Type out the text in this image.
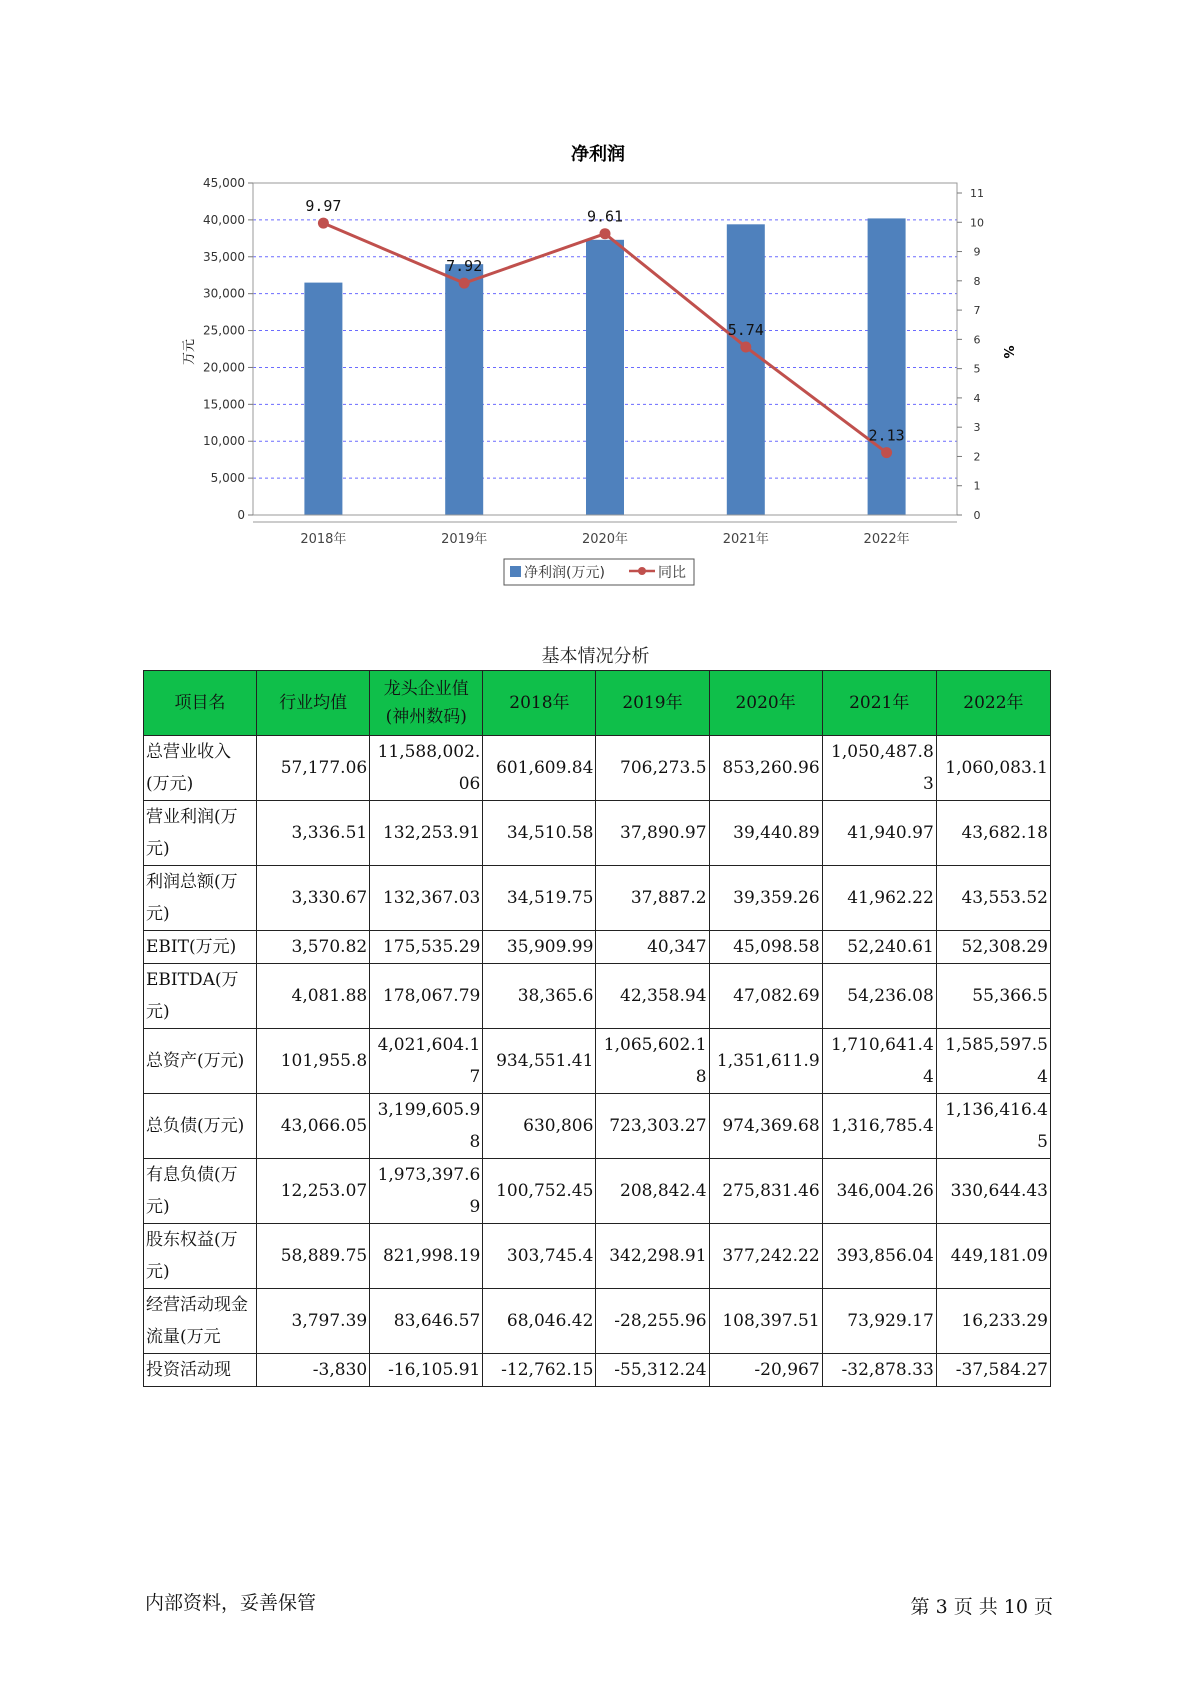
净利润
9.97
7.92
9.61
5.74
2.13
0
5,000
10,000
15,000
20,000
25,000
30,000
35,000
40,000
45,000
0
1
2
3
4
5
6
7
8
9
10
11
2018年	2019年	2020年	2021年	2022年
万元	%
净利润(万元)	同比
基本情况分析
项目名	行业均值	龙头企业值(神州数码)	2018年	2019年	2020年	2021年	2022年
总营业收入(万元)	57,177.06	11,588,002.06	601,609.84	706,273.5	853,260.96	1,050,487.83	1,060,083.1
营业利润(万元)	3,336.51	132,253.91	34,510.58	37,890.97	39,440.89	41,940.97	43,682.18
利润总额(万元)	3,330.67	132,367.03	34,519.75	37,887.2	39,359.26	41,962.22	43,553.52
EBIT(万元)	3,570.82	175,535.29	35,909.99	40,347	45,098.58	52,240.61	52,308.29
EBITDA(万元)	4,081.88	178,067.79	38,365.6	42,358.94	47,082.69	54,236.08	55,366.5
总资产(万元)	101,955.8	4,021,604.17	934,551.41	1,065,602.18	1,351,611.9	1,710,641.44	1,585,597.54
总负债(万元)	43,066.05	3,199,605.98	630,806	723,303.27	974,369.68	1,316,785.4	1,136,416.45
有息负债(万元)	12,253.07	1,973,397.69	100,752.45	208,842.4	275,831.46	346,004.26	330,644.43
股东权益(万元)	58,889.75	821,998.19	303,745.4	342,298.91	377,242.22	393,856.04	449,181.09
经营活动现金流量(万元	3,797.39	83,646.57	68,046.42	-28,255.96	108,397.51	73,929.17	16,233.29
投资活动现	-3,830	-16,105.91	-12,762.15	-55,312.24	-20,967	-32,878.33	-37,584.27
内部资料，妥善保管	第 3 页 共 10 页
